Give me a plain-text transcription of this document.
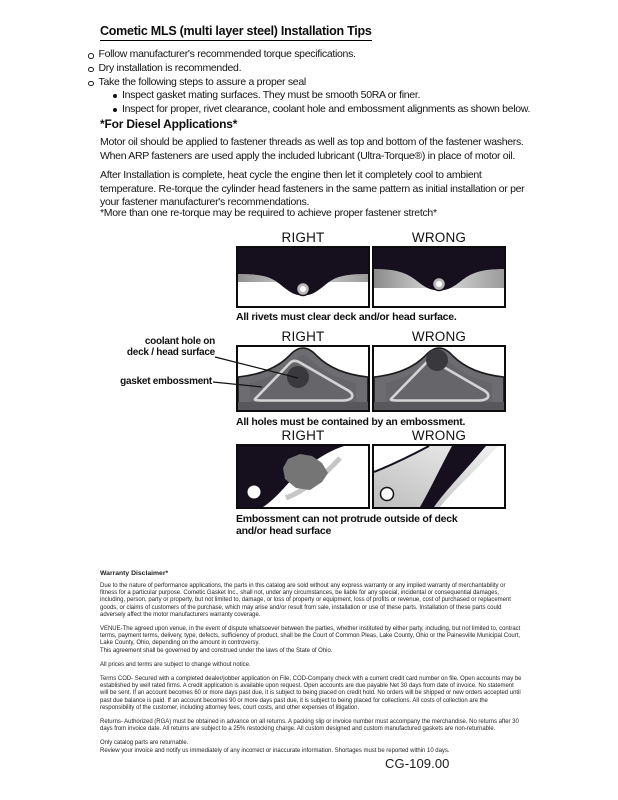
Cometic MLS (multi layer steel) Installation Tips
Follow manufacturer's recommended torque specifications.
Dry installation is recommended.
Take the following steps to assure a proper seal
Inspect gasket mating surfaces. They must be smooth 50RA or finer.
Inspect for proper, rivet clearance, coolant hole and embossment alignments as shown below.
*For Diesel Applications*
Motor oil should be applied to fastener threads as well as top and bottom of the fastener washers. When ARP fasteners are used apply the included lubricant (Ultra-Torque®) in place of motor oil.
After Installation is complete, heat cycle the engine then let it completely cool to ambient temperature. Re-torque the cylinder head fasteners in the same pattern as initial installation or per your fastener manufacturer's recommendations.
*More than one re-torque may be required to achieve proper fastener stretch*
RIGHT	WRONG
All rivets must clear deck and/or head surface.
coolant hole on
deck / head surface
gasket embossment
RIGHT	WRONG
All holes must be contained by an embossment.
RIGHT	WRONG
Embossment can not protrude outside of deck and/or head surface
Warranty Disclaimer*
Due to the nature of performance applications, the parts in this catalog are sold without any express warranty or any implied warranty of merchantability or fitness for a particular purpose. Cometic Gasket Inc., shall not, under any circumstances, be liable for any special, incidental or consequential damages, including, person, party or property, but not limited to, damage, or loss of property or equipment, loss of profits or revenue, cost of purchased or replacement goods, or claims of customers of the purchase, which may arise and/or result from sale, installation or use of these parts. Installation of these parts could adversely affect the motor manufacturers warranty coverage.
VENUE-The agreed upon venue, in the event of dispute whatsoever between the parties, whether instituted by either party, including, but not limited to, contract terms, payment terms, delivery, type, defects, sufficiency of product, shall be the Court of Common Pleas, Lake County, Ohio or the Painesville Municipal Court, Lake County, Ohio, depending on the amount in controversy.
This agreement shall be governed by and construed under the laws of the State of Ohio.
All prices and terms are subject to change without notice.
Terms COD- Secured with a completed dealer/jobber application on File, COD-Company check with a current credit card number on file. Open accounts may be established by well rated firms. A credit application is available upon request. Open accounts are due payable Net 30 days from date of invoice. No statement will be sent. If an account becomes 60 or more days past due, it is subject to being placed on credit hold. No orders will be shipped or new orders accepted until past due balance is paid. If an account becomes 90 or more days past due, it is subject to being placed for collections. All costs of collection are the responsibility of the customer, including attorney fees, court costs, and other expenses of litigation.
Returns- Authorized (RGA) must be obtained in advance on all returns. A packing slip or invoice number must accompany the merchandise. No returns after 30 days from invoice date. All returns are subject to a 25% restocking charge. All custom designed and custom manufactured gaskets are non-returnable.
Only catalog parts are returnable.
Review your invoice and notify us immediately of any incorrect or inaccurate information. Shortages must be reported within 10 days.
CG-109.00
